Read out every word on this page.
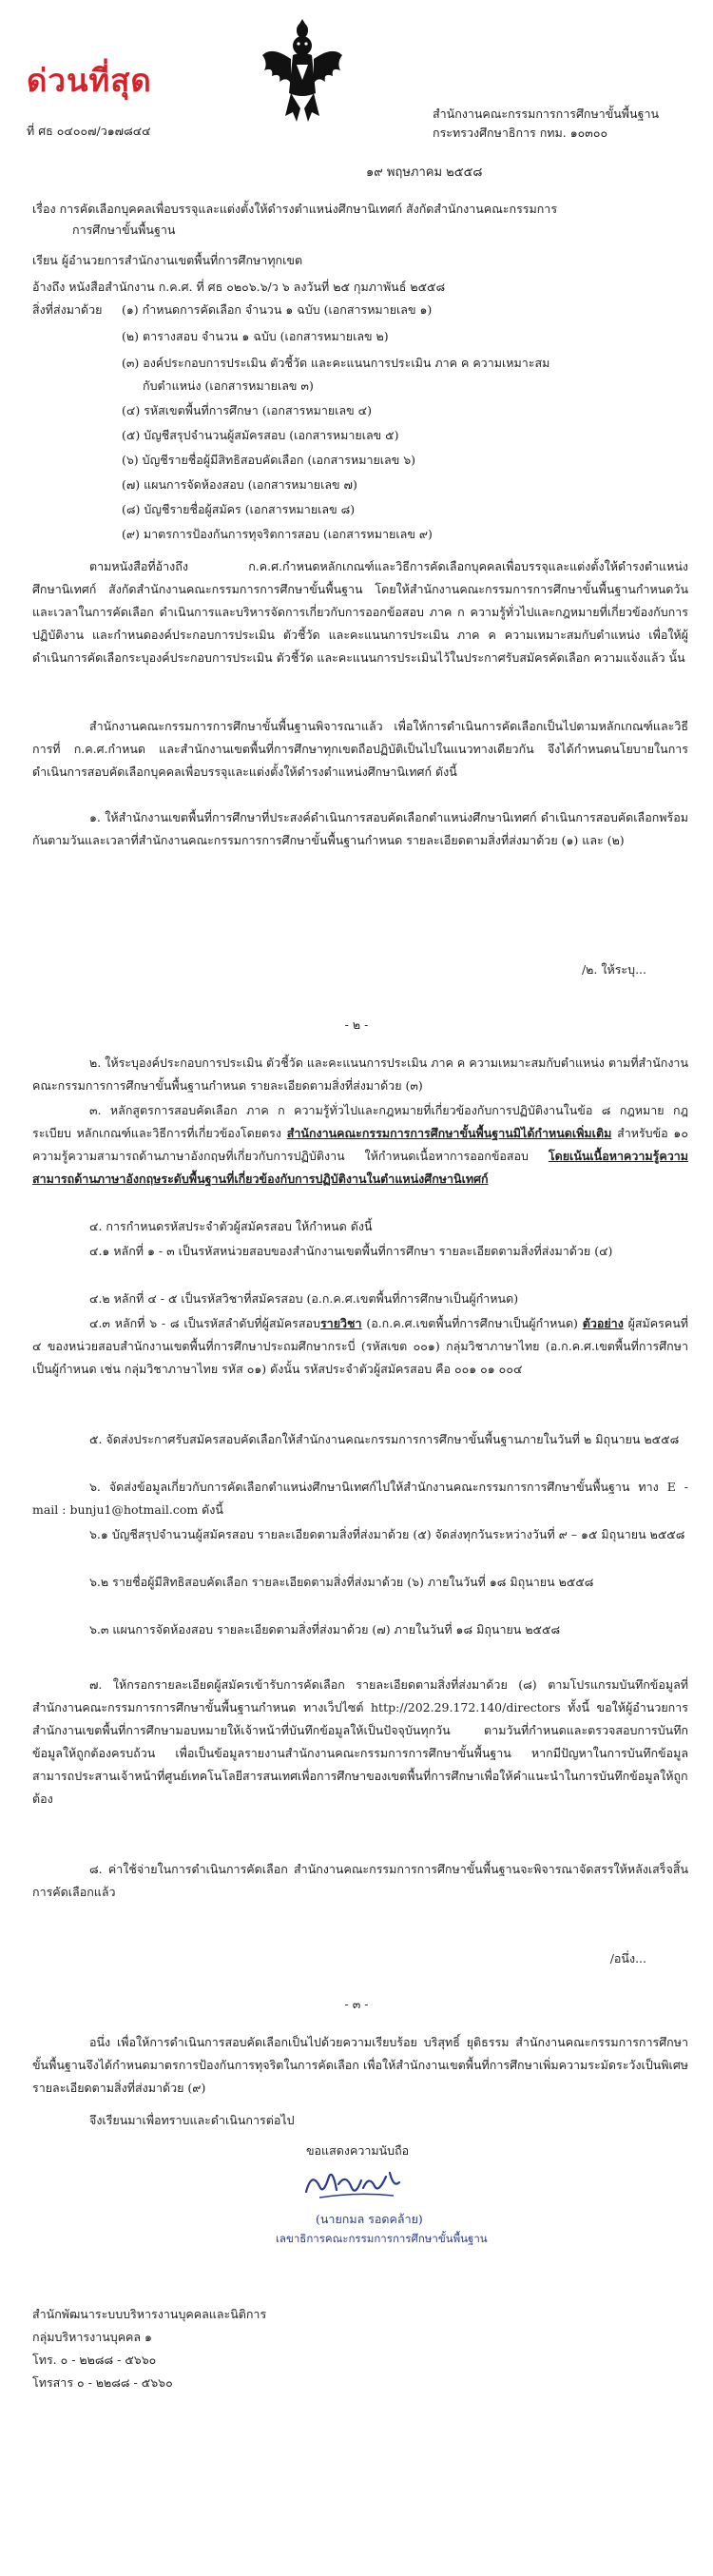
ด่วนที่สุด
ที่ ศธ ๐๔๐๐๗/ว๑๗๘๔๔
สำนักงานคณะกรรมการการศึกษาขั้นพื้นฐาน
กระทรวงศึกษาธิการ กทม. ๑๐๓๐๐
๑๙ พฤษภาคม ๒๕๕๘
เรื่อง การคัดเลือกบุคคลเพื่อบรรจุและแต่งตั้งให้ดำรงตำแหน่งศึกษานิเทศก์ สังกัดสำนักงานคณะกรรมการ
การศึกษาขั้นพื้นฐาน
เรียน ผู้อำนวยการสำนักงานเขตพื้นที่การศึกษาทุกเขต
อ้างถึง หนังสือสำนักงาน ก.ค.ศ. ที่ ศธ ๐๒๐๖.๖/ว ๖ ลงวันที่ ๒๕ กุมภาพันธ์ ๒๕๕๘
สิ่งที่ส่งมาด้วย (๑) กำหนดการคัดเลือก จำนวน ๑ ฉบับ (เอกสารหมายเลข ๑)
(๒) ตารางสอบ จำนวน ๑ ฉบับ (เอกสารหมายเลข ๒)
(๓) องค์ประกอบการประเมิน ตัวชี้วัด และคะแนนการประเมิน ภาค ค ความเหมาะสม
กับตำแหน่ง (เอกสารหมายเลข ๓)
(๔) รหัสเขตพื้นที่การศึกษา (เอกสารหมายเลข ๔)
(๕) บัญชีสรุปจำนวนผู้สมัครสอบ (เอกสารหมายเลข ๕)
(๖) บัญชีรายชื่อผู้มีสิทธิสอบคัดเลือก (เอกสารหมายเลข ๖)
(๗) แผนการจัดห้องสอบ (เอกสารหมายเลข ๗)
(๘) บัญชีรายชื่อผู้สมัคร (เอกสารหมายเลข ๘)
(๙) มาตรการป้องกันการทุจริตการสอบ (เอกสารหมายเลข ๙)
ตามหนังสือที่อ้างถึง ก.ค.ศ.กำหนดหลักเกณฑ์และวิธีการคัดเลือกบุคคลเพื่อบรรจุและแต่งตั้งให้ดำรงตำแหน่งศึกษานิเทศก์ สังกัดสำนักงานคณะกรรมการการศึกษาขั้นพื้นฐาน โดยให้สำนักงานคณะกรรมการการศึกษาขั้นพื้นฐานกำหนดวันและเวลาในการคัดเลือก ดำเนินการและบริหารจัดการเกี่ยวกับการออกข้อสอบ ภาค ก ความรู้ทั่วไปและกฎหมายที่เกี่ยวข้องกับการปฏิบัติงาน และกำหนดองค์ประกอบการประเมิน ตัวชี้วัด และคะแนนการประเมิน ภาค ค ความเหมาะสมกับตำแหน่ง เพื่อให้ผู้ดำเนินการคัดเลือกระบุองค์ประกอบการประเมิน ตัวชี้วัด และคะแนนการประเมินไว้ในประกาศรับสมัครคัดเลือก ความแจ้งแล้ว นั้น
สำนักงานคณะกรรมการการศึกษาขั้นพื้นฐานพิจารณาแล้ว เพื่อให้การดำเนินการคัดเลือกเป็นไปตามหลักเกณฑ์และวิธีการที่ ก.ค.ศ.กำหนด และสำนักงานเขตพื้นที่การศึกษาทุกเขตถือปฏิบัติเป็นไปในแนวทางเดียวกัน จึงได้กำหนดนโยบายในการดำเนินการสอบคัดเลือกบุคคลเพื่อบรรจุและแต่งตั้งให้ดำรงตำแหน่งศึกษานิเทศก์ ดังนี้
๑. ให้สำนักงานเขตพื้นที่การศึกษาที่ประสงค์ดำเนินการสอบคัดเลือกตำแหน่งศึกษานิเทศก์ ดำเนินการสอบคัดเลือกพร้อมกันตามวันและเวลาที่สำนักงานคณะกรรมการการศึกษาขั้นพื้นฐานกำหนด รายละเอียดตามสิ่งที่ส่งมาด้วย (๑) และ (๒)
/๒. ให้ระบุ...
- ๒ -
๒. ให้ระบุองค์ประกอบการประเมิน ตัวชี้วัด และคะแนนการประเมิน ภาค ค ความเหมาะสมกับตำแหน่ง ตามที่สำนักงานคณะกรรมการการศึกษาขั้นพื้นฐานกำหนด รายละเอียดตามสิ่งที่ส่งมาด้วย (๓)
๓. หลักสูตรการสอบคัดเลือก ภาค ก ความรู้ทั่วไปและกฎหมายที่เกี่ยวข้องกับการปฏิบัติงานในข้อ ๘ กฎหมาย กฎ ระเบียบ หลักเกณฑ์และวิธีการที่เกี่ยวข้องโดยตรง สำนักงานคณะกรรมการการศึกษาขั้นพื้นฐานมิได้กำหนดเพิ่มเติม สำหรับข้อ ๑๐ ความรู้ความสามารถด้านภาษาอังกฤษที่เกี่ยวกับการปฏิบัติงาน ให้กำหนดเนื้อหาการออกข้อสอบ โดยเน้นเนื้อหาความรู้ความสามารถด้านภาษาอังกฤษระดับพื้นฐานที่เกี่ยวข้องกับการปฏิบัติงานในตำแหน่งศึกษานิเทศก์
๔. การกำหนดรหัสประจำตัวผู้สมัครสอบ ให้กำหนด ดังนี้
๔.๑ หลักที่ ๑ - ๓ เป็นรหัสหน่วยสอบของสำนักงานเขตพื้นที่การศึกษา รายละเอียดตามสิ่งที่ส่งมาด้วย (๔)
๔.๒ หลักที่ ๔ - ๕ เป็นรหัสวิชาที่สมัครสอบ (อ.ก.ค.ศ.เขตพื้นที่การศึกษาเป็นผู้กำหนด)
๔.๓ หลักที่ ๖ - ๘ เป็นรหัสลำดับที่ผู้สมัครสอบรายวิชา (อ.ก.ค.ศ.เขตพื้นที่การศึกษาเป็นผู้กำหนด) ตัวอย่าง ผู้สมัครคนที่ ๔ ของหน่วยสอบสำนักงานเขตพื้นที่การศึกษาประถมศึกษากระบี่ (รหัสเขต ๐๐๑) กลุ่มวิชาภาษาไทย (อ.ก.ค.ศ.เขตพื้นที่การศึกษาเป็นผู้กำหนด เช่น กลุ่มวิชาภาษาไทย รหัส ๐๑) ดังนั้น รหัสประจำตัวผู้สมัครสอบ คือ ๐๐๑ ๐๑ ๐๐๔
๕. จัดส่งประกาศรับสมัครสอบคัดเลือกให้สำนักงานคณะกรรมการการศึกษาขั้นพื้นฐานภายในวันที่ ๒ มิถุนายน ๒๕๕๘
๖. จัดส่งข้อมูลเกี่ยวกับการคัดเลือกตำแหน่งศึกษานิเทศก์ไปให้สำนักงานคณะกรรมการการศึกษาขั้นพื้นฐาน ทาง E - mail : bunju1@hotmail.com ดังนี้
๖.๑ บัญชีสรุปจำนวนผู้สมัครสอบ รายละเอียดตามสิ่งที่ส่งมาด้วย (๕) จัดส่งทุกวันระหว่างวันที่ ๙ – ๑๕ มิถุนายน ๒๕๕๘
๖.๒ รายชื่อผู้มีสิทธิสอบคัดเลือก รายละเอียดตามสิ่งที่ส่งมาด้วย (๖) ภายในวันที่ ๑๘ มิถุนายน ๒๕๕๘
๖.๓ แผนการจัดห้องสอบ รายละเอียดตามสิ่งที่ส่งมาด้วย (๗) ภายในวันที่ ๑๘ มิถุนายน ๒๕๕๘
๗. ให้กรอกรายละเอียดผู้สมัครเข้ารับการคัดเลือก รายละเอียดตามสิ่งที่ส่งมาด้วย (๘) ตามโปรแกรมบันทึกข้อมูลที่สำนักงานคณะกรรมการการศึกษาขั้นพื้นฐานกำหนด ทางเว็ปไซต์ http://202.29.172.140/directors ทั้งนี้ ขอให้ผู้อำนวยการสำนักงานเขตพื้นที่การศึกษามอบหมายให้เจ้าหน้าที่บันทึกข้อมูลให้เป็นปัจจุบันทุกวัน ตามวันที่กำหนดและตรวจสอบการบันทึกข้อมูลให้ถูกต้องครบถ้วน เพื่อเป็นข้อมูลรายงานสำนักงานคณะกรรมการการศึกษาขั้นพื้นฐาน หากมีปัญหาในการบันทึกข้อมูล สามารถประสานเจ้าหน้าที่ศูนย์เทคโนโลยีสารสนเทศเพื่อการศึกษาของเขตพื้นที่การศึกษาเพื่อให้คำแนะนำในการบันทึกข้อมูลให้ถูกต้อง
๘. ค่าใช้จ่ายในการดำเนินการคัดเลือก สำนักงานคณะกรรมการการศึกษาขั้นพื้นฐานจะพิจารณาจัดสรรให้หลังเสร็จสิ้นการคัดเลือกแล้ว
/อนึ่ง...
- ๓ -
อนึ่ง เพื่อให้การดำเนินการสอบคัดเลือกเป็นไปด้วยความเรียบร้อย บริสุทธิ์ ยุติธรรม สำนักงานคณะกรรมการการศึกษาขั้นพื้นฐานจึงได้กำหนดมาตรการป้องกันการทุจริตในการคัดเลือก เพื่อให้สำนักงานเขตพื้นที่การศึกษาเพิ่มความระมัดระวังเป็นพิเศษ รายละเอียดตามสิ่งที่ส่งมาด้วย (๙)
จึงเรียนมาเพื่อทราบและดำเนินการต่อไป
ขอแสดงความนับถือ
(นายกมล รอดคล้าย)
เลขาธิการคณะกรรมการการศึกษาขั้นพื้นฐาน
สำนักพัฒนาระบบบริหารงานบุคคลและนิติการ
กลุ่มบริหารงานบุคคล ๑
โทร. ๐ - ๒๒๘๘ - ๕๖๖๐
โทรสาร ๐ - ๒๒๘๘ - ๕๖๖๐
